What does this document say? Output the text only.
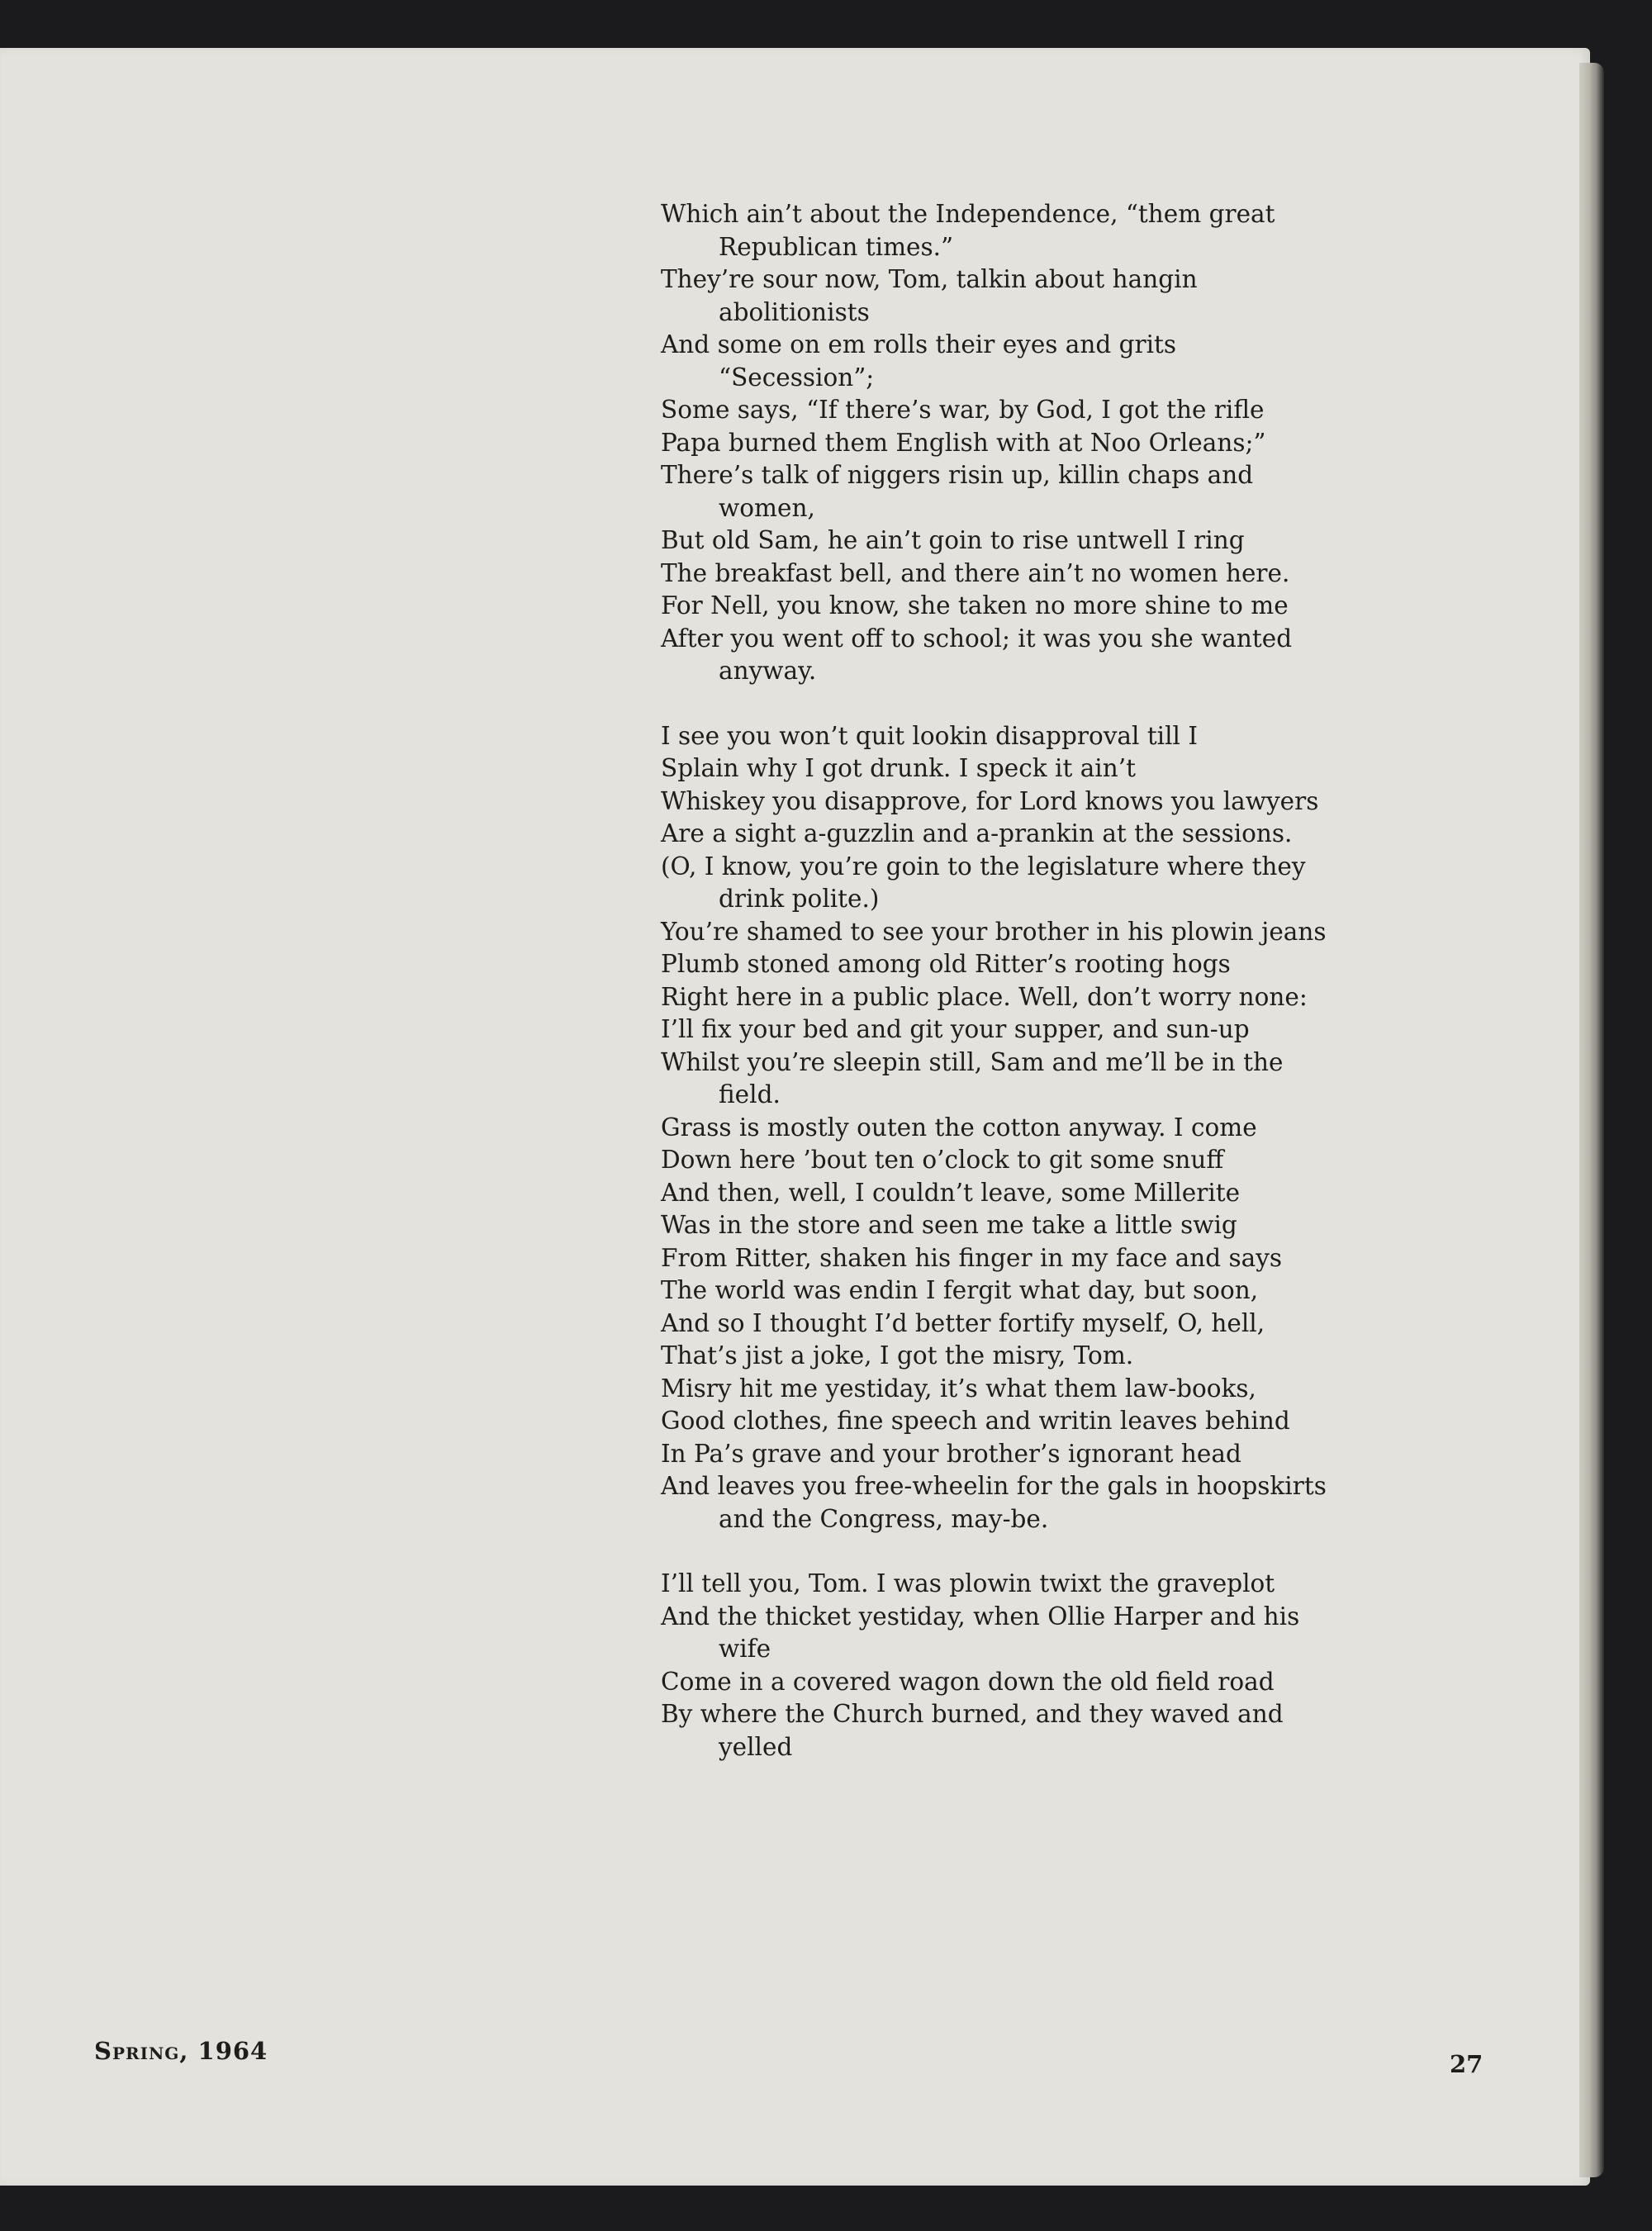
Which ain’t about the Independence, “them great Republican times.”
They’re sour now, Tom, talkin about hangin abolitionists
And some on em rolls their eyes and grits “Secession”;
Some says, “If there’s war, by God, I got the rifle
Papa burned them English with at Noo Orleans;”
There’s talk of niggers risin up, killin chaps and women,
But old Sam, he ain’t goin to rise untwell I ring
The breakfast bell, and there ain’t no women here.
For Nell, you know, she taken no more shine to me
After you went off to school; it was you she wanted anyway.
I see you won’t quit lookin disapproval till I
Splain why I got drunk. I speck it ain’t
Whiskey you disapprove, for Lord knows you lawyers
Are a sight a-guzzlin and a-prankin at the sessions.
(O, I know, you’re goin to the legislature where they drink polite.)
You’re shamed to see your brother in his plowin jeans
Plumb stoned among old Ritter’s rooting hogs
Right here in a public place. Well, don’t worry none:
I’ll fix your bed and git your supper, and sun-up
Whilst you’re sleepin still, Sam and me’ll be in the field.
Grass is mostly outen the cotton anyway. I come
Down here ’bout ten o’clock to git some snuff
And then, well, I couldn’t leave, some Millerite
Was in the store and seen me take a little swig
From Ritter, shaken his finger in my face and says
The world was endin I fergit what day, but soon,
And so I thought I’d better fortify myself, O, hell,
That’s jist a joke, I got the misry, Tom.
Misry hit me yestiday, it’s what them law-books,
Good clothes, fine speech and writin leaves behind
In Pa’s grave and your brother’s ignorant head
And leaves you free-wheelin for the gals in hoopskirts and the Congress, may-be.
I’ll tell you, Tom. I was plowin twixt the graveplot
And the thicket yestiday, when Ollie Harper and his wife
Come in a covered wagon down the old field road
By where the Church burned, and they waved and yelled
Spring, 1964	27
